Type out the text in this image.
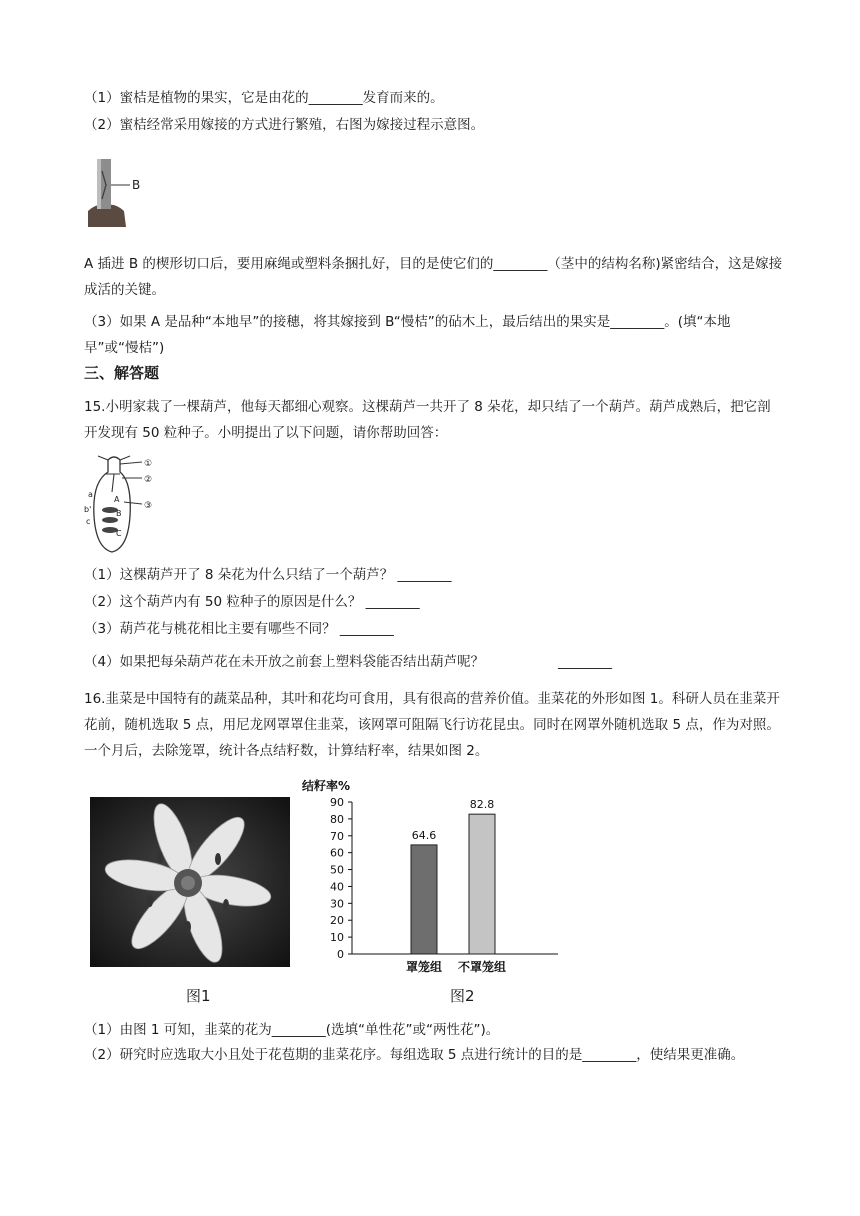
（1）蜜桔是植物的果实，它是由花的________发育而来的。
（2）蜜桔经常采用嫁接的方式进行繁殖，右图为嫁接过程示意图。
B
A 插进 B 的楔形切口后，要用麻绳或塑料条捆扎好，目的是使它们的________（茎中的结构名称)紧密结合，这是嫁接成活的关键。
（3）如果 A 是品种“本地早”的接穗，将其嫁接到 B“慢桔”的砧木上，最后结出的果实是________。(填“本地早”或“慢桔”)
三、解答题
15.小明家栽了一棵葫芦，他每天都细心观察。这棵葫芦一共开了 8 朵花，却只结了一个葫芦。葫芦成熟后，把它剖开发现有 50 粒种子。小明提出了以下问题，请你帮助回答：
①
②
③
a
b'
c
A
B
C
（1）这棵葫芦开了 8 朵花为什么只结了一个葫芦？ ________
（2）这个葫芦内有 50 粒种子的原因是什么？ ________
（3）葫芦花与桃花相比主要有哪些不同？ ________
（4）如果把每朵葫芦花在未开放之前套上塑料袋能否结出葫芦呢？	________
16.韭菜是中国特有的蔬菜品种，其叶和花均可食用，具有很高的营养价值。韭菜花的外形如图 1。科研人员在韭菜开花前，随机选取 5 点，用尼龙网罩罩住韭菜，该网罩可阻隔飞行访花昆虫。同时在网罩外随机选取 5 点，作为对照。一个月后，去除笼罩，统计各点结籽数，计算结籽率，结果如图 2。
结籽率%
0
10
20
30
40
50
60
70
80
90
64.6
罩笼组
82.8
不罩笼组
图1	图2
（1）由图 1 可知，韭菜的花为________(选填“单性花”或“两性花”)。
（2）研究时应选取大小且处于花苞期的韭菜花序。每组选取 5 点进行统计的目的是________，使结果更准确。
